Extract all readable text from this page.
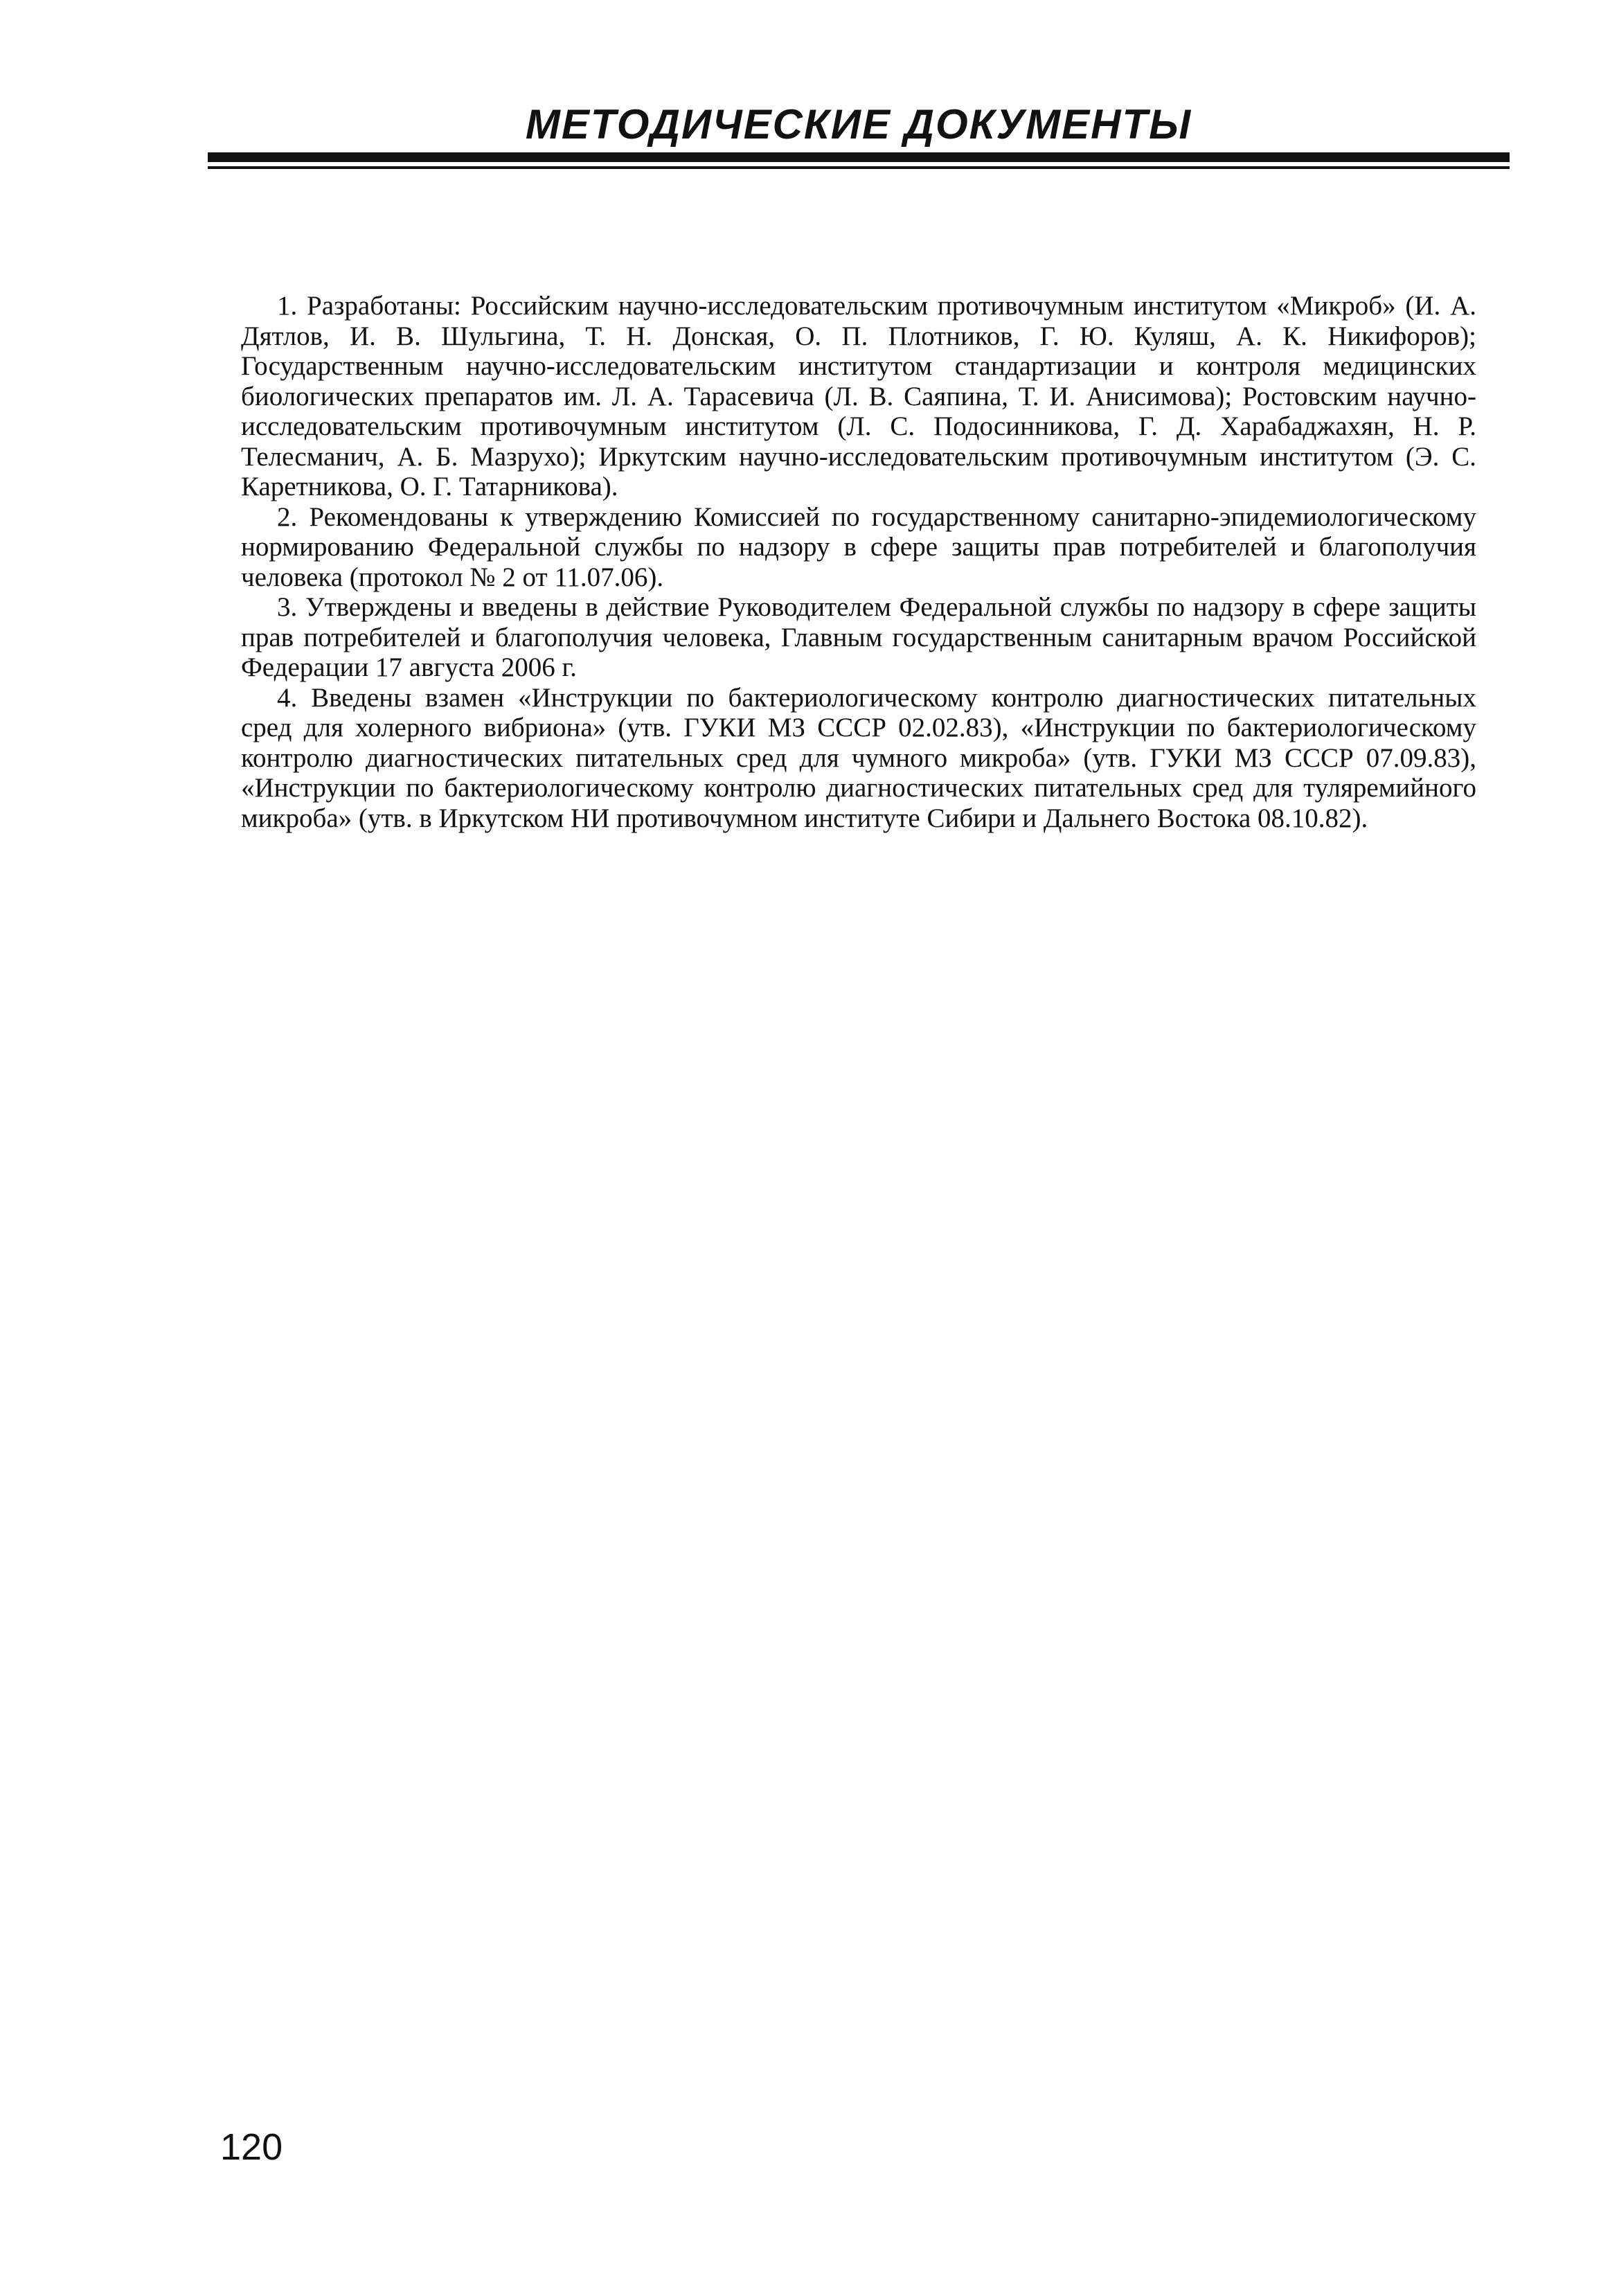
МЕТОДИЧЕСКИЕ ДОКУМЕНТЫ

1. Разработаны: Российским научно-исследовательским противочумным институтом «Микроб» (И. А. Дятлов, И. В. Шульгина, Т. Н. Донская, О. П. Плотников, Г. Ю. Куляш, А. К. Никифоров); Государственным научно-исследовательским институтом стандартизации и контроля медицинских биологических препаратов им. Л. А. Тарасевича (Л. В. Саяпина, Т. И. Анисимова); Ростовским научно-исследовательским противочумным институтом (Л. С. Подосинникова, Г. Д. Харабаджахян, Н. Р. Телесманич, А. Б. Мазрухо); Иркутским научно-исследовательским противочумным институтом (Э. С. Каретникова, О. Г. Татарникова).

2. Рекомендованы к утверждению Комиссией по государственному санитарно-эпидемиологическому нормированию Федеральной службы по надзору в сфере защиты прав потребителей и благополучия человека (протокол № 2 от 11.07.06).

3. Утверждены и введены в действие Руководителем Федеральной службы по надзору в сфере защиты прав потребителей и благополучия человека, Главным государственным санитарным врачом Российской Федерации 17 августа 2006 г.

4. Введены взамен «Инструкции по бактериологическому контролю диагностических питательных сред для холерного вибриона» (утв. ГУКИ МЗ СССР 02.02.83), «Инструкции по бактериологическому контролю диагностических питательных сред для чумного микроба» (утв. ГУКИ МЗ СССР 07.09.83), «Инструкции по бактериологическому контролю диагностических питательных сред для туляремийного микроба» (утв. в Иркутском НИ противочумном институте Сибири и Дальнего Востока 08.10.82).

120
